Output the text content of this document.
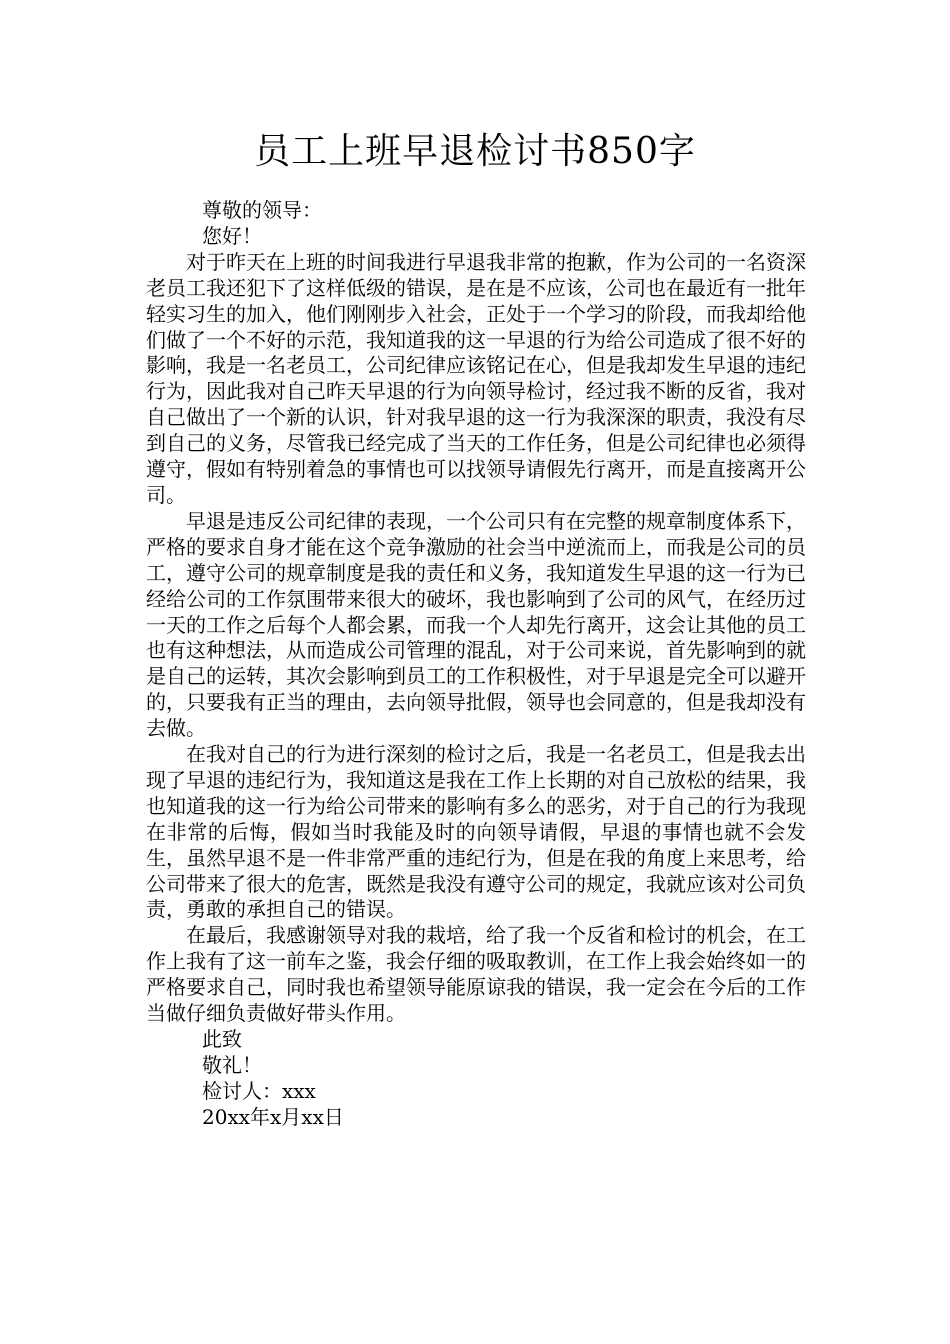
员工上班早退检讨书850字

尊敬的领导：

您好！

对于昨天在上班的时间我进行早退我非常的抱歉，作为公司的一名资深老员工我还犯下了这样低级的错误，是在是不应该，公司也在最近有一批年轻实习生的加入，他们刚刚步入社会，正处于一个学习的阶段，而我却给他们做了一个不好的示范，我知道我的这一早退的行为给公司造成了很不好的影响，我是一名老员工，公司纪律应该铭记在心，但是我却发生早退的违纪行为，因此我对自己昨天早退的行为向领导检讨，经过我不断的反省，我对自己做出了一个新的认识，针对我早退的这一行为我深深的职责，我没有尽到自己的义务，尽管我已经完成了当天的工作任务，但是公司纪律也必须得遵守，假如有特别着急的事情也可以找领导请假先行离开，而是直接离开公司。

早退是违反公司纪律的表现，一个公司只有在完整的规章制度体系下，严格的要求自身才能在这个竞争激励的社会当中逆流而上，而我是公司的员工，遵守公司的规章制度是我的责任和义务，我知道发生早退的这一行为已经给公司的工作氛围带来很大的破坏，我也影响到了公司的风气，在经历过一天的工作之后每个人都会累，而我一个人却先行离开，这会让其他的员工也有这种想法，从而造成公司管理的混乱，对于公司来说，首先影响到的就是自己的运转，其次会影响到员工的工作积极性，对于早退是完全可以避开的，只要我有正当的理由，去向领导批假，领导也会同意的，但是我却没有去做。

在我对自己的行为进行深刻的检讨之后，我是一名老员工，但是我去出现了早退的违纪行为，我知道这是我在工作上长期的对自己放松的结果，我也知道我的这一行为给公司带来的影响有多么的恶劣，对于自己的行为我现在非常的后悔，假如当时我能及时的向领导请假，早退的事情也就不会发生，虽然早退不是一件非常严重的违纪行为，但是在我的角度上来思考，给公司带来了很大的危害，既然是我没有遵守公司的规定，我就应该对公司负责，勇敢的承担自己的错误。

在最后，我感谢领导对我的栽培，给了我一个反省和检讨的机会，在工作上我有了这一前车之鉴，我会仔细的吸取教训，在工作上我会始终如一的严格要求自己，同时我也希望领导能原谅我的错误，我一定会在今后的工作当做仔细负责做好带头作用。

此致

敬礼！

检讨人：xxx

20xx年x月xx日
